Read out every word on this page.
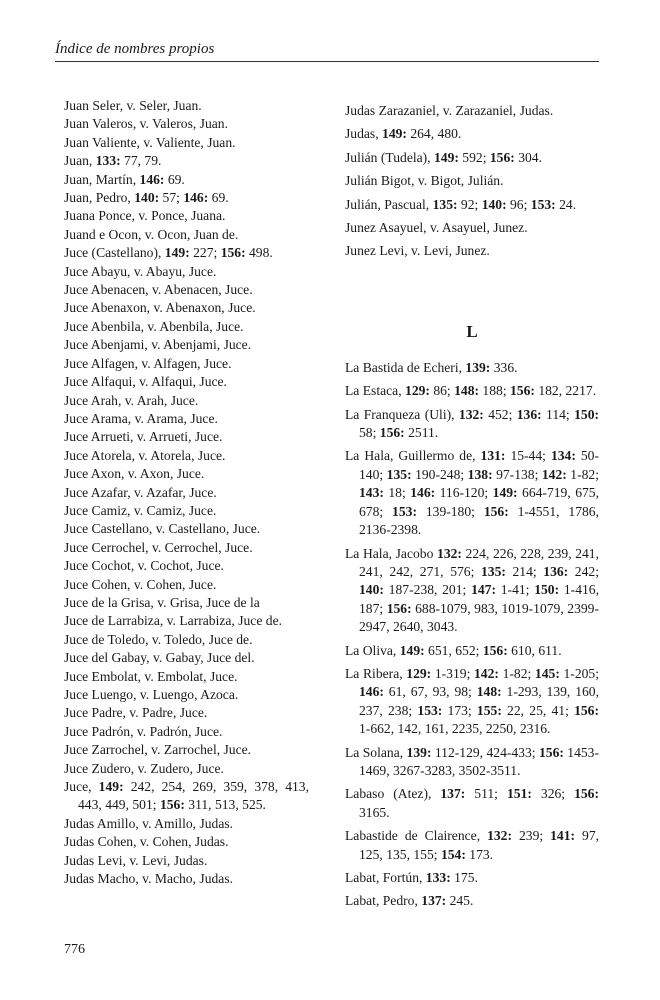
Índice de nombres propios

Juan Seler, v. Seler, Juan.

Juan Valeros, v. Valeros, Juan.

Juan Valiente, v. Valiente, Juan.

Juan, 133: 77, 79.

Juan, Martín, 146: 69.

Juan, Pedro, 140: 57; 146: 69.

Juana Ponce, v. Ponce, Juana.

Juand e Ocon, v. Ocon, Juan de.

Juce (Castellano), 149: 227; 156: 498.

Juce Abayu, v. Abayu, Juce.

Juce Abenacen, v. Abenacen, Juce.

Juce Abenaxon, v. Abenaxon, Juce.

Juce Abenbila, v. Abenbila, Juce.

Juce Abenjami, v. Abenjami, Juce.

Juce Alfagen, v. Alfagen, Juce.

Juce Alfaqui, v. Alfaqui, Juce.

Juce Arah, v. Arah, Juce.

Juce Arama, v. Arama, Juce.

Juce Arrueti, v. Arrueti, Juce.

Juce Atorela, v. Atorela, Juce.

Juce Axon, v. Axon, Juce.

Juce Azafar, v. Azafar, Juce.

Juce Camiz, v. Camiz, Juce.

Juce Castellano, v. Castellano, Juce.

Juce Cerrochel, v. Cerrochel, Juce.

Juce Cochot, v. Cochot, Juce.

Juce Cohen, v. Cohen, Juce.

Juce de la Grisa, v. Grisa, Juce de la

Juce de Larrabiza, v. Larrabiza, Juce de.

Juce de Toledo, v. Toledo, Juce de.

Juce del Gabay, v. Gabay, Juce del.

Juce Embolat, v. Embolat, Juce.

Juce Luengo, v. Luengo, Azoca.

Juce Padre, v. Padre, Juce.

Juce Padrón, v. Padrón, Juce.

Juce Zarrochel, v. Zarrochel, Juce.

Juce Zudero, v. Zudero, Juce.

Juce, 149: 242, 254, 269, 359, 378, 413, 443, 449, 501; 156: 311, 513, 525.

Judas Amillo, v. Amillo, Judas.

Judas Cohen, v. Cohen, Judas.

Judas Levi, v. Levi, Judas.

Judas Macho, v. Macho, Judas.

Judas Zarazaniel, v. Zarazaniel, Judas.

Judas, 149: 264, 480.

Julián (Tudela), 149: 592; 156: 304.

Julián Bigot, v. Bigot, Julián.

Julián, Pascual, 135: 92; 140: 96; 153: 24.

Junez Asayuel, v. Asayuel, Junez.

Junez Levi, v. Levi, Junez.

L

La Bastida de Echeri, 139: 336.

La Estaca, 129: 86; 148: 188; 156: 182, 2217.

La Franqueza (Uli), 132: 452; 136: 114; 150: 58; 156: 2511.

La Hala, Guillermo de, 131: 15-44; 134: 50-140; 135: 190-248; 138: 97-138; 142: 1-82; 143: 18; 146: 116-120; 149: 664-719, 675, 678; 153: 139-180; 156: 1-4551, 1786, 2136-2398.

La Hala, Jacobo 132: 224, 226, 228, 239, 241, 241, 242, 271, 576; 135: 214; 136: 242; 140: 187-238, 201; 147: 1-41; 150: 1-416, 187; 156: 688-1079, 983, 1019-1079, 2399-2947, 2640, 3043.

La Oliva, 149: 651, 652; 156: 610, 611.

La Ribera, 129: 1-319; 142: 1-82; 145: 1-205; 146: 61, 67, 93, 98; 148: 1-293, 139, 160, 237, 238; 153: 173; 155: 22, 25, 41; 156: 1-662, 142, 161, 2235, 2250, 2316.

La Solana, 139: 112-129, 424-433; 156: 1453-1469, 3267-3283, 3502-3511.

Labaso (Atez), 137: 511; 151: 326; 156: 3165.

Labastide de Clairence, 132: 239; 141: 97, 125, 135, 155; 154: 173.

Labat, Fortún, 133: 175.

Labat, Pedro, 137: 245.

776
